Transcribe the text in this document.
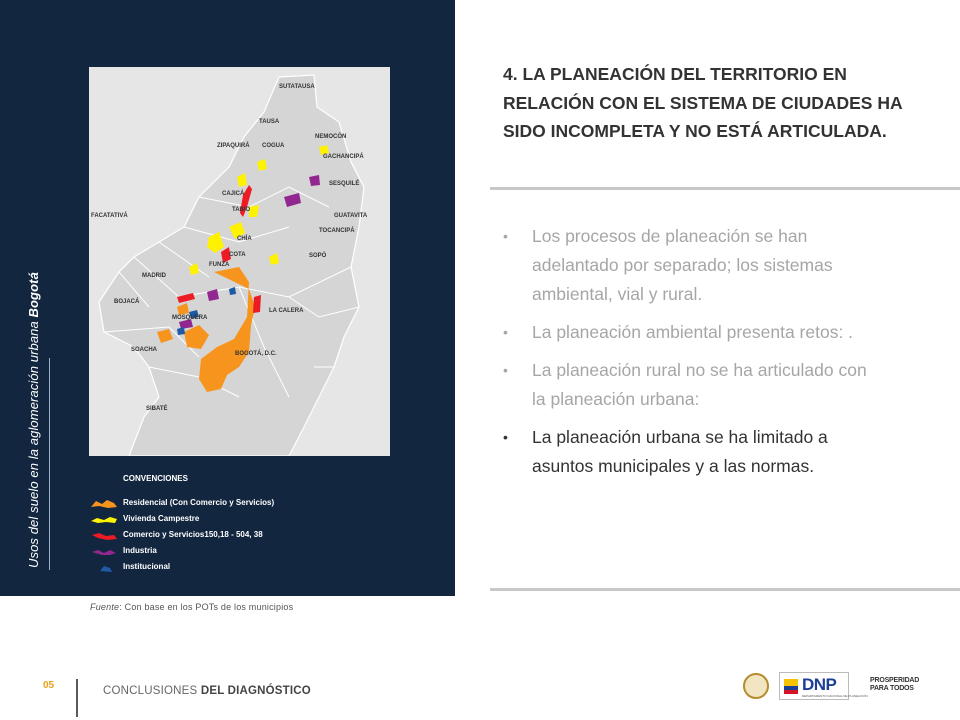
Usos del suelo en la aglomeración urbana Bogotá
SUTATAUSA
TAUSA
NEMOCÓN
ZIPAQUIRÁ COGUA
GACHANCIPÁ
SESQUILÉ
CAJICÁ
TABIO
GUATAVITA
TOCANCIPÁ
FACATATIVÁ
CHÍA
SOPÓ
COTA
FUNZA
MADRID
BOJACÁ
MOSQUERA
LA CALERA
SOACHA
BOGOTÁ, D.C.
SIBATÉ
CONVENCIONES
Residencial (Con Comercio y Servicios)
Vivienda Campestre
Comercio y Servicios150,18 - 504, 38
Industria
Institucional
Fuente: Con base en los POTs de los municipios
4. LA PLANEACIÓN DEL TERRITORIO EN RELACIÓN CON EL SISTEMA DE CIUDADES HA SIDO INCOMPLETA Y NO ESTÁ ARTICULADA.
• Los procesos de planeación se han adelantado por separado; los sistemas ambiental, vial y rural.
• La planeación ambiental presenta retos: .
• La planeación rural no se ha articulado con la planeación urbana:
• La planeación urbana se ha limitado a asuntos municipales y a las normas.
05	CONCLUSIONES DEL DIAGNÓSTICO	DNP
DEPARTAMENTO NACIONAL DE PLANEACIÓN
PROSPERIDAD
PARA TODOS
